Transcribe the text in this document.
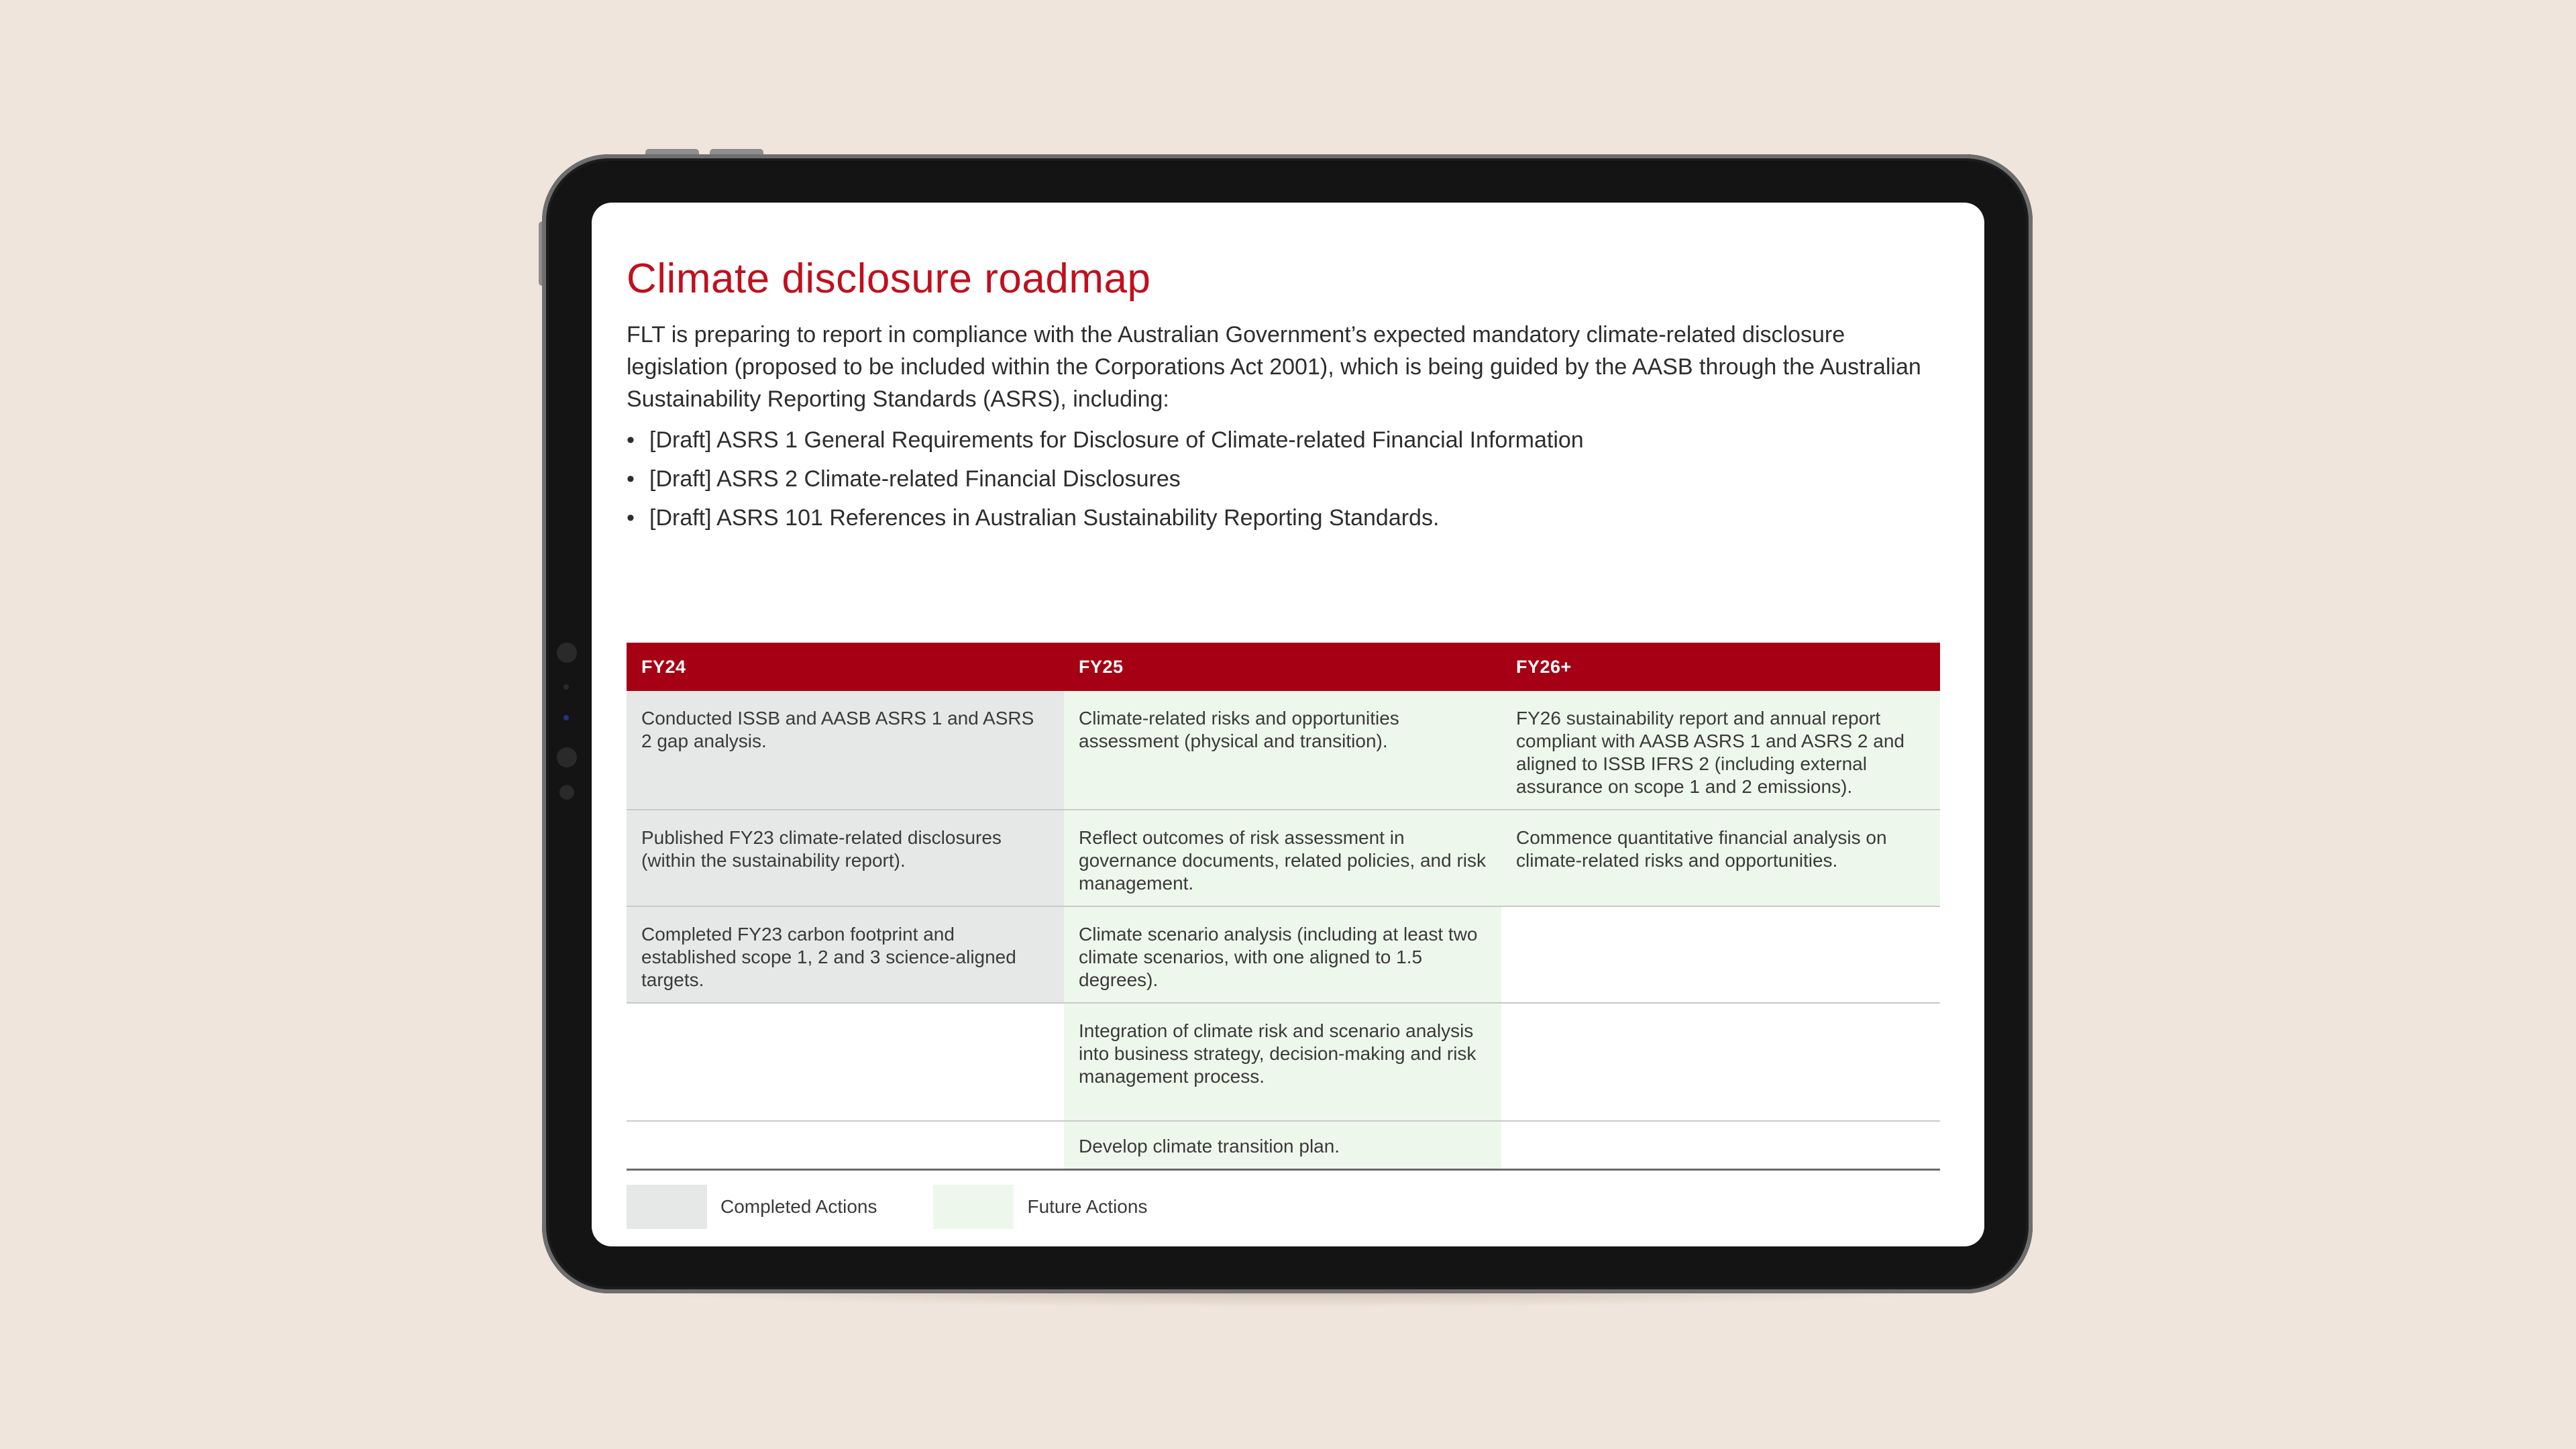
Climate disclosure roadmap

FLT is preparing to report in compliance with the Australian Government’s expected mandatory climate-related disclosure legislation (proposed to be included within the Corporations Act 2001), which is being guided by the AASB through the Australian Sustainability Reporting Standards (ASRS), including:

• [Draft] ASRS 1 General Requirements for Disclosure of Climate-related Financial Information
• [Draft] ASRS 2 Climate-related Financial Disclosures
• [Draft] ASRS 101 References in Australian Sustainability Reporting Standards.
FY24	FY25	FY26+
Conducted ISSB and AASB ASRS 1 and ASRS 2 gap analysis.	Climate-related risks and opportunities assessment (physical and transition).	FY26 sustainability report and annual report compliant with AASB ASRS 1 and ASRS 2 and aligned to ISSB IFRS 2 (including external assurance on scope 1 and 2 emissions).
Published FY23 climate-related disclosures (within the sustainability report).	Reflect outcomes of risk assessment in governance documents, related policies, and risk management.	Commence quantitative financial analysis on climate-related risks and opportunities.
Completed FY23 carbon footprint and established scope 1, 2 and 3 science-aligned targets.	Climate scenario analysis (including at least two climate scenarios, with one aligned to 1.5 degrees).	
	Integration of climate risk and scenario analysis into business strategy, decision-making and risk management process.	
	Develop climate transition plan.	
Completed Actions	Future Actions
